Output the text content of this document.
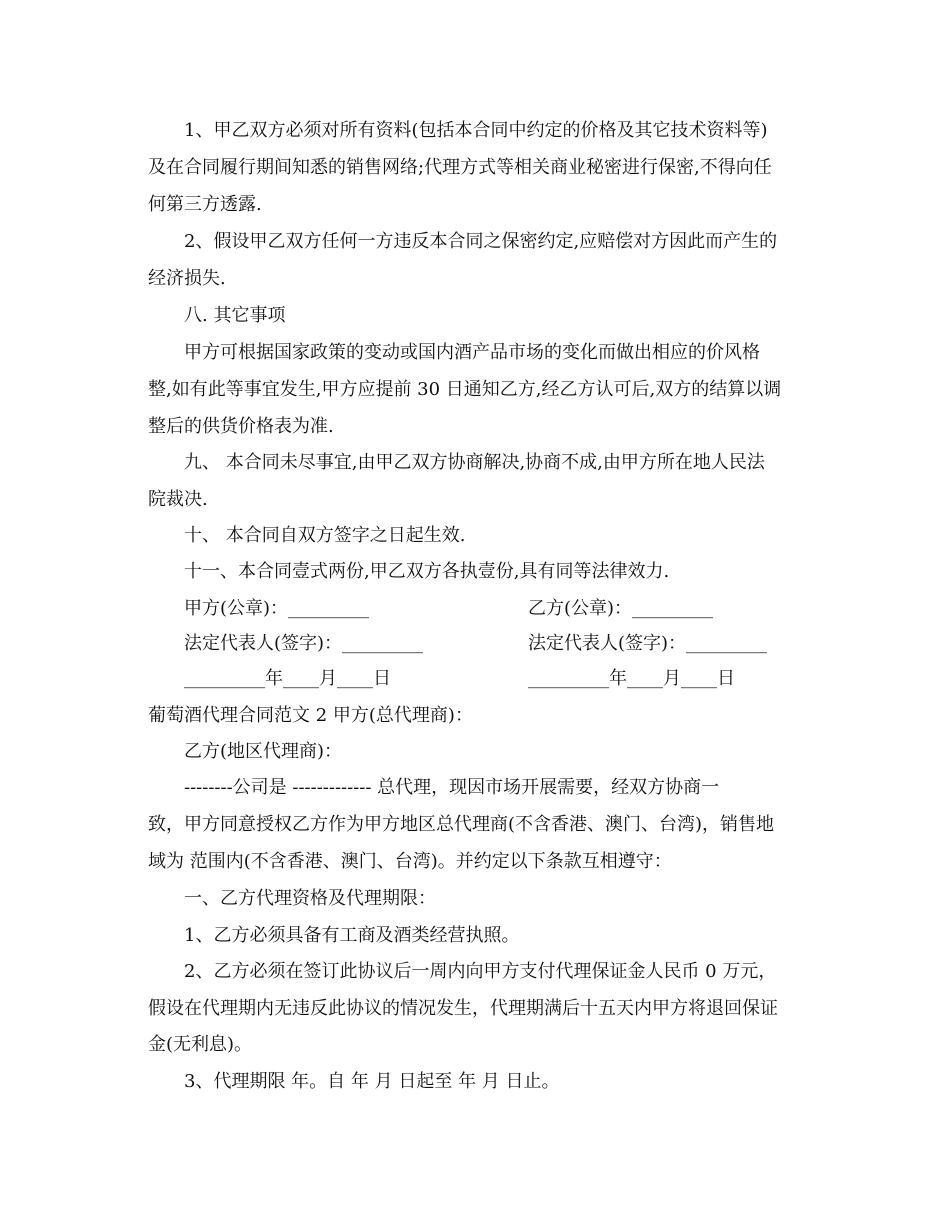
1、甲乙双方必须对所有资料(包括本合同中约定的价格及其它技术资料等)
及在合同履行期间知悉的销售网络;代理方式等相关商业秘密进行保密,不得向任
何第三方透露.
2、假设甲乙双方任何一方违反本合同之保密约定,应赔偿对方因此而产生的
经济损失.
八. 其它事项
甲方可根据国家政策的变动或国内酒产品市场的变化而做出相应的价风格
整,如有此等事宜发生,甲方应提前 30 日通知乙方,经乙方认可后,双方的结算以调
整后的供货价格表为准.
九、 本合同未尽事宜,由甲乙双方协商解决,协商不成,由甲方所在地人民法
院裁决.
十、 本合同自双方签字之日起生效.
十一、本合同壹式两份,甲乙双方各执壹份,具有同等法律效力.
甲方(公章)：_________	乙方(公章)：_________
法定代表人(签字)：_________	法定代表人(签字)：_________
_________年____月____日	_________年____月____日
葡萄酒代理合同范文 2 甲方(总代理商)：
乙方(地区代理商)：
--------公司是 ------------- 总代理，现因市场开展需要，经双方协商一
致，甲方同意授权乙方作为甲方地区总代理商(不含香港、澳门、台湾)，销售地
域为 范围内(不含香港、澳门、台湾)。并约定以下条款互相遵守：
一、乙方代理资格及代理期限：
1、乙方必须具备有工商及酒类经营执照。
2、乙方必须在签订此协议后一周内向甲方支付代理保证金人民币 0 万元，
假设在代理期内无违反此协议的情况发生，代理期满后十五天内甲方将退回保证
金(无利息)。
3、代理期限 年。自 年 月 日起至 年 月 日止。
